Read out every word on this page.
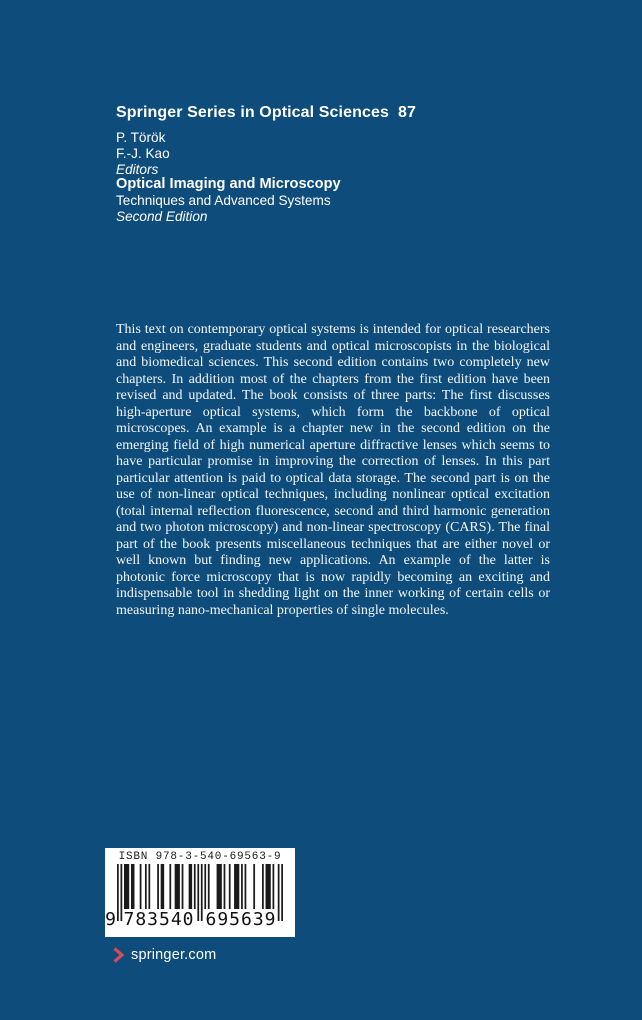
Springer Series in Optical Sciences 87
P. Török
F.-J. Kao
Editors
Optical Imaging and Microscopy
Techniques and Advanced Systems
Second Edition
This text on contemporary optical systems is intended for optical researchers and engineers, graduate students and optical microscopists in the biological and biomedical sciences. This second edition contains two completely new chapters. In addition most of the chapters from the first edition have been revised and updated. The book consists of three parts: The first discusses high-aperture optical systems, which form the backbone of optical microscopes. An example is a chapter new in the second edition on the emerging field of high numerical aperture diffractive lenses which seems to have particular promise in improving the correction of lenses. In this part particular attention is paid to optical data storage. The second part is on the use of non-linear optical techniques, including nonlinear optical excitation (total internal reflection fluorescence, second and third harmonic generation and two photon microscopy) and non-linear spectroscopy (CARS). The final part of the book presents miscellaneous techniques that are either novel or well known but finding new applications. An example of the latter is photonic force microscopy that is now rapidly becoming an exciting and indispensable tool in shedding light on the inner working of certain cells or measuring nano-mechanical properties of single molecules.
ISBN 978-3-540-69563-9
9 783540 695639
springer.com
